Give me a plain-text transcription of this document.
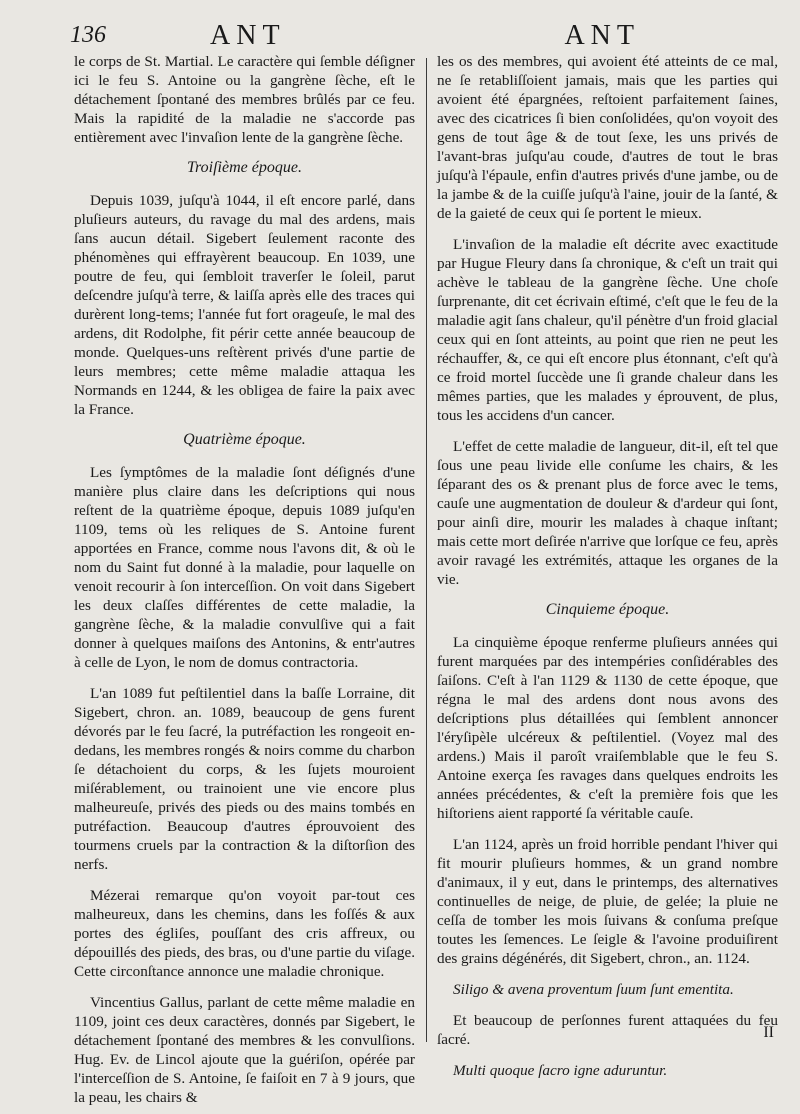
136	ANT	ANT

le corps de St. Martial. Le caractère qui ſemble déſigner ici le feu S. Antoine ou la gangrène ſèche, eſt le détachement ſpontané des membres brûlés par ce feu. Mais la rapidité de la maladie ne s'accorde pas entièrement avec l'invaſion lente de la gangrène ſèche.

Troiſième époque.

Depuis 1039, juſqu'à 1044, il eſt encore parlé, dans pluſieurs auteurs, du ravage du mal des ardens, mais ſans aucun détail. Sigebert ſeulement raconte des phénomènes qui effrayèrent beaucoup. En 1039, une poutre de feu, qui ſembloit traverſer le ſoleil, parut deſcendre juſqu'à terre, & laiſſa après elle des traces qui durèrent long-tems; l'année fut fort orageuſe, le mal des ardens, dit Rodolphe, fit périr cette année beaucoup de monde. Quelques-uns reſtèrent privés d'une partie de leurs membres; cette même maladie attaqua les Normands en 1244, & les obligea de faire la paix avec la France.

Quatrième époque.

Les ſymptômes de la maladie ſont déſignés d'une manière plus claire dans les deſcriptions qui nous reſtent de la quatrième époque, depuis 1089 juſqu'en 1109, tems où les reliques de S. Antoine furent apportées en France, comme nous l'avons dit, & où le nom du Saint fut donné à la maladie, pour laquelle on venoit recourir à ſon interceſſion. On voit dans Sigebert les deux claſſes différentes de cette maladie, la gangrène ſèche, & la maladie convulſive qui a fait donner à quelques maiſons des Antonins, & entr'autres à celle de Lyon, le nom de domus contractoria.

L'an 1089 fut peſtilentiel dans la baſſe Lorraine, dit Sigebert, chron. an. 1089, beaucoup de gens furent dévorés par le feu ſacré, la putréfaction les rongeoit en-dedans, les membres rongés & noirs comme du charbon ſe détachoient du corps, & les ſujets mouroient miſérablement, ou trainoient une vie encore plus malheureuſe, privés des pieds ou des mains tombés en putréfaction. Beaucoup d'autres éprouvoient des tourmens cruels par la contraction & la diſtorſion des nerfs.

Mézerai remarque qu'on voyoit par-tout ces malheureux, dans les chemins, dans les foſſés & aux portes des égliſes, pouſſant des cris affreux, ou dépouillés des pieds, des bras, ou d'une partie du viſage. Cette circonſtance annonce une maladie chronique.

Vincentius Gallus, parlant de cette même maladie en 1109, joint ces deux caractères, donnés par Sigebert, le détachement ſpontané des membres & les convulſions. Hug. Ev. de Lincol ajoute que la guériſon, opérée par l'interceſſion de S. Antoine, ſe faiſoit en 7 à 9 jours, que la peau, les chairs &

les os des membres, qui avoient été atteints de ce mal, ne ſe retabliſſoient jamais, mais que les parties qui avoient été épargnées, reſtoient parfaitement ſaines, avec des cicatrices ſi bien conſolidées, qu'on voyoit des gens de tout âge & de tout ſexe, les uns privés de l'avant-bras juſqu'au coude, d'autres de tout le bras juſqu'à l'épaule, enfin d'autres privés d'une jambe, ou de la jambe & de la cuiſſe juſqu'à l'aine, jouir de la ſanté, & de la gaieté de ceux qui ſe portent le mieux.

L'invaſion de la maladie eſt décrite avec exactitude par Hugue Fleury dans ſa chronique, & c'eſt un trait qui achève le tableau de la gangrène ſèche. Une choſe ſurprenante, dit cet écrivain eſtimé, c'eſt que le feu de la maladie agit ſans chaleur, qu'il pénètre d'un froid glacial ceux qui en ſont atteints, au point que rien ne peut les réchauffer, &, ce qui eſt encore plus étonnant, c'eſt qu'à ce froid mortel ſuccède une ſi grande chaleur dans les mêmes parties, que les malades y éprouvent, de plus, tous les accidens d'un cancer.

L'effet de cette maladie de langueur, dit-il, eſt tel que ſous une peau livide elle conſume les chairs, & les ſéparant des os & prenant plus de force avec le tems, cauſe une augmentation de douleur & d'ardeur qui ſont, pour ainſi dire, mourir les malades à chaque inſtant; mais cette mort deſirée n'arrive que lorſque ce feu, après avoir ravagé les extrémités, attaque les organes de la vie.

Cinquieme époque.

La cinquième époque renferme pluſieurs années qui furent marquées par des intempéries conſidérables des ſaiſons. C'eſt à l'an 1129 & 1130 de cette époque, que régna le mal des ardens dont nous avons des deſcriptions plus détaillées qui ſemblent annoncer l'éryſipèle ulcéreux & peſtilentiel. (Voyez mal des ardens.) Mais il paroît vraiſemblable que le feu S. Antoine exerça ſes ravages dans quelques endroits les années précédentes, & c'eſt la première fois que les hiſtoriens aient rapporté ſa véritable cauſe.

L'an 1124, après un froid horrible pendant l'hiver qui fit mourir pluſieurs hommes, & un grand nombre d'animaux, il y eut, dans le printemps, des alternatives continuelles de neige, de pluie, de gelée; la pluie ne ceſſa de tomber les mois ſuivans & conſuma preſque toutes les ſemences. Le ſeigle & l'avoine produiſirent des grains dégénérés, dit Sigebert, chron., an. 1124.

Siligo & avena proventum ſuum ſunt ementita.

Et beaucoup de perſonnes furent attaquées du feu ſacré.

Multi quoque ſacro igne aduruntur.

II
